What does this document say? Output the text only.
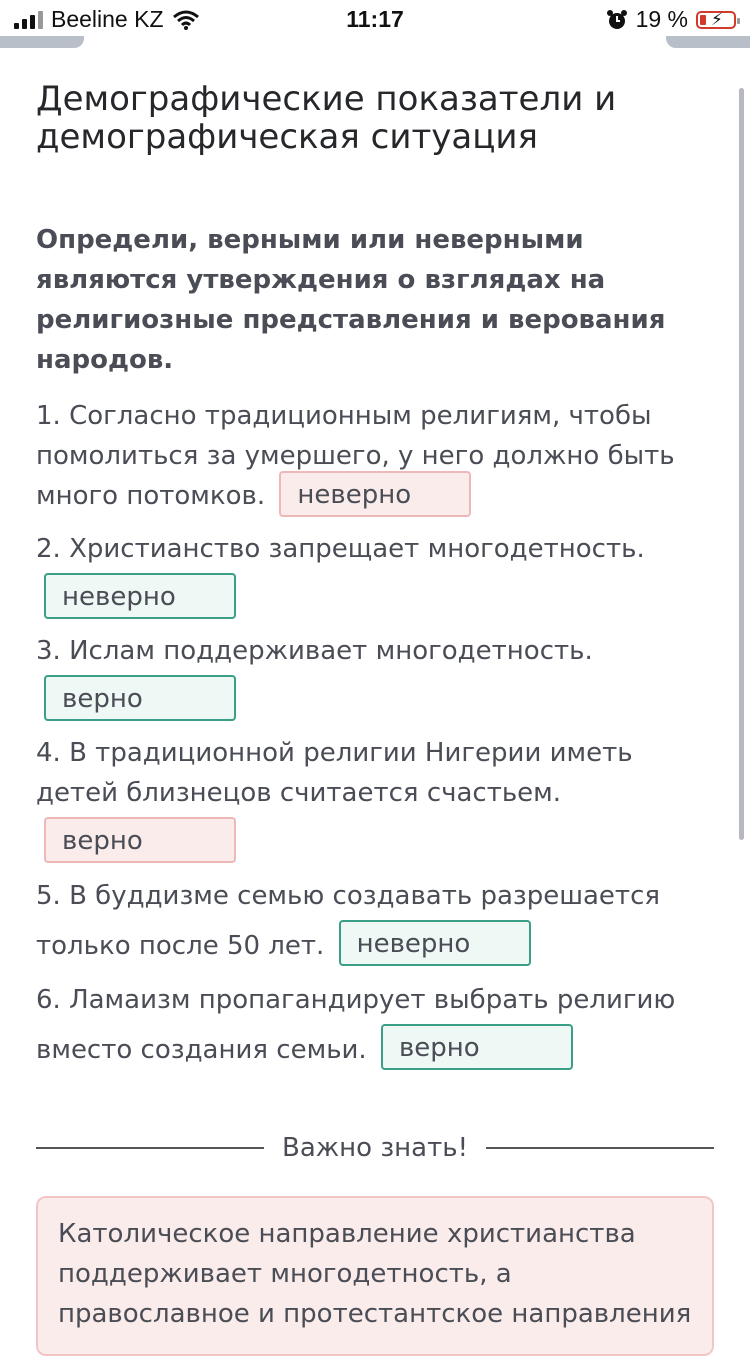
Beeline KZ	11:17	19 % ⚡
Демографические показатели и демографическая ситуация
Определи, верными или неверными являются утверждения о взглядах на религиозные представления и верования народов.
1. Согласно традиционным религиям, чтобы помолиться за умершего, у него должно быть много потомков. неверно
2. Христианство запрещает многодетность.
неверно
3. Ислам поддерживает многодетность.
верно
4. В традиционной религии Нигерии иметь детей близнецов считается счастьем.
верно
5. В буддизме семью создавать разрешается только после 50 лет. неверно
6. Ламаизм пропагандирует выбрать религию вместо создания семьи. верно
Важно знать!
Католическое направление христианства поддерживает многодетность, а православное и протестантское направления
